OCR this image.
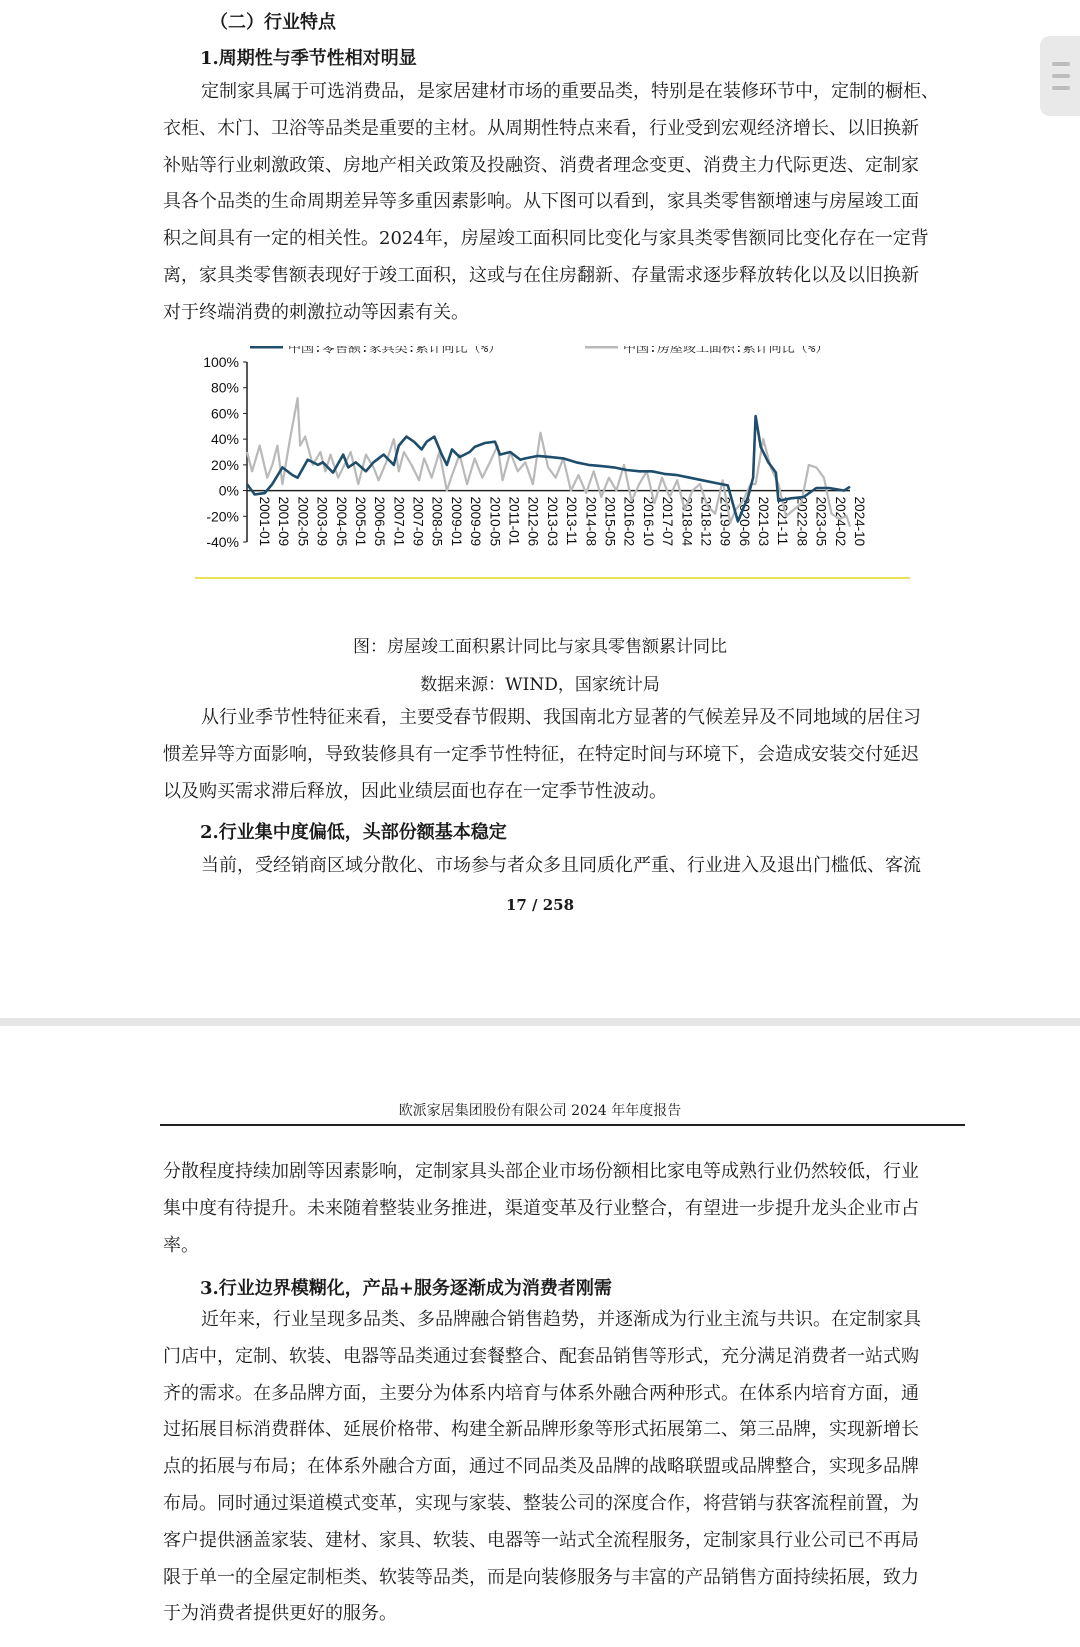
（二）行业特点
1.周期性与季节性相对明显
定制家具属于可选消费品，是家居建材市场的重要品类，特别是在装修环节中，定制的橱柜、
衣柜、木门、卫浴等品类是重要的主材。从周期性特点来看，行业受到宏观经济增长、以旧换新
补贴等行业刺激政策、房地产相关政策及投融资、消费者理念变更、消费主力代际更迭、定制家
具各个品类的生命周期差异等多重因素影响。从下图可以看到，家具类零售额增速与房屋竣工面
积之间具有一定的相关性。2024年，房屋竣工面积同比变化与家具类零售额同比变化存在一定背
离，家具类零售额表现好于竣工面积，这或与在住房翻新、存量需求逐步释放转化以及以旧换新
对于终端消费的刺激拉动等因素有关。
100%
80%
60%
40%
20%
0%
-20%
-40% 2001-01 2001-09 2002-05 2003-09 2004-05 2005-01 2006-05 2007-01 2007-09 2008-05 2009-01 2009-09 2010-05 2011-01 2012-06 2013-03 2013-11 2014-08 2015-05 2016-02 2016-10 2017-07 2018-04 2018-12 2019-09 2020-06 2021-03 2021-11 2022-08 2023-05 2024-02 2024-10
中国:零售额:家具类:累计同比（%）	中国:房屋竣工面积:累计同比（%）
图：房屋竣工面积累计同比与家具零售额累计同比
数据来源：WIND，国家统计局
从行业季节性特征来看，主要受春节假期、我国南北方显著的气候差异及不同地域的居住习
惯差异等方面影响，导致装修具有一定季节性特征，在特定时间与环境下，会造成安装交付延迟
以及购买需求滞后释放，因此业绩层面也存在一定季节性波动。
2.行业集中度偏低，头部份额基本稳定
当前，受经销商区域分散化、市场参与者众多且同质化严重、行业进入及退出门槛低、客流
17 / 258
欧派家居集团股份有限公司 2024 年年度报告
分散程度持续加剧等因素影响，定制家具头部企业市场份额相比家电等成熟行业仍然较低，行业
集中度有待提升。未来随着整装业务推进，渠道变革及行业整合，有望进一步提升龙头企业市占
率。
3.行业边界模糊化，产品+服务逐渐成为消费者刚需
近年来，行业呈现多品类、多品牌融合销售趋势，并逐渐成为行业主流与共识。在定制家具
门店中，定制、软装、电器等品类通过套餐整合、配套品销售等形式，充分满足消费者一站式购
齐的需求。在多品牌方面，主要分为体系内培育与体系外融合两种形式。在体系内培育方面，通
过拓展目标消费群体、延展价格带、构建全新品牌形象等形式拓展第二、第三品牌，实现新增长
点的拓展与布局；在体系外融合方面，通过不同品类及品牌的战略联盟或品牌整合，实现多品牌
布局。同时通过渠道模式变革，实现与家装、整装公司的深度合作，将营销与获客流程前置，为
客户提供涵盖家装、建材、家具、软装、电器等一站式全流程服务，定制家具行业公司已不再局
限于单一的全屋定制柜类、软装等品类，而是向装修服务与丰富的产品销售方面持续拓展，致力
于为消费者提供更好的服务。
